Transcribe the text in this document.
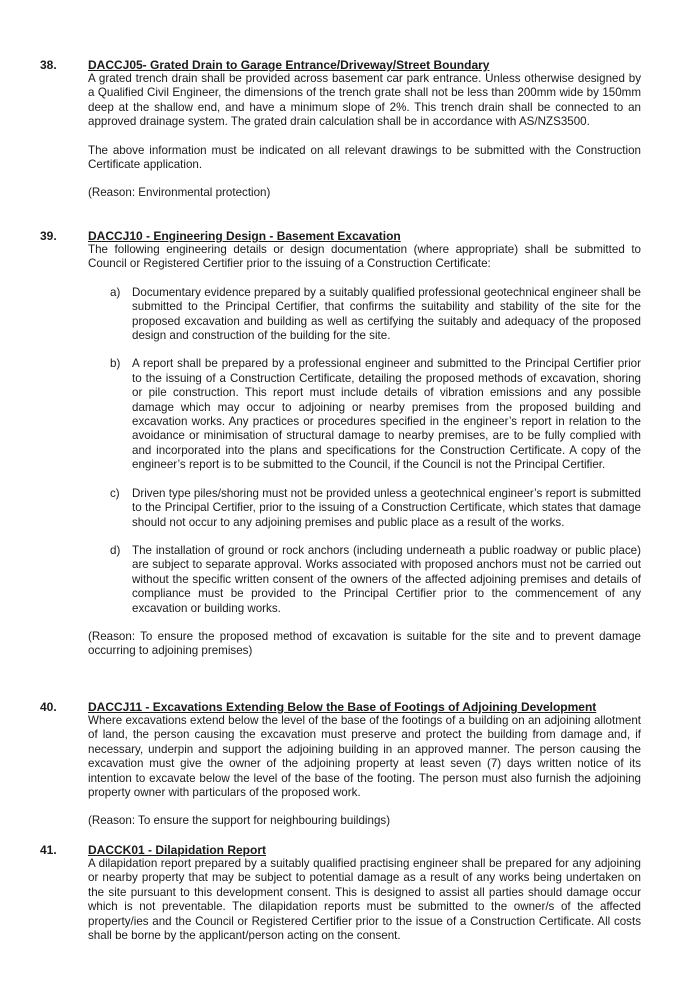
38.	DACCJ05- Grated Drain to Garage Entrance/Driveway/Street Boundary

A grated trench drain shall be provided across basement car park entrance. Unless otherwise designed by a Qualified Civil Engineer, the dimensions of the trench grate shall not be less than 200mm wide by 150mm deep at the shallow end, and have a minimum slope of 2%. This trench drain shall be connected to an approved drainage system. The grated drain calculation shall be in accordance with AS/NZS3500.

The above information must be indicated on all relevant drawings to be submitted with the Construction Certificate application.

(Reason: Environmental protection)

39.	DACCJ10 - Engineering Design - Basement Excavation

The following engineering details or design documentation (where appropriate) shall be submitted to Council or Registered Certifier prior to the issuing of a Construction Certificate:

a) Documentary evidence prepared by a suitably qualified professional geotechnical engineer shall be submitted to the Principal Certifier, that confirms the suitability and stability of the site for the proposed excavation and building as well as certifying the suitably and adequacy of the proposed design and construction of the building for the site.
b) A report shall be prepared by a professional engineer and submitted to the Principal Certifier prior to the issuing of a Construction Certificate, detailing the proposed methods of excavation, shoring or pile construction. This report must include details of vibration emissions and any possible damage which may occur to adjoining or nearby premises from the proposed building and excavation works. Any practices or procedures specified in the engineer’s report in relation to the avoidance or minimisation of structural damage to nearby premises, are to be fully complied with and incorporated into the plans and specifications for the Construction Certificate. A copy of the engineer’s report is to be submitted to the Council, if the Council is not the Principal Certifier.
c) Driven type piles/shoring must not be provided unless a geotechnical engineer’s report is submitted to the Principal Certifier, prior to the issuing of a Construction Certificate, which states that damage should not occur to any adjoining premises and public place as a result of the works.
d) The installation of ground or rock anchors (including underneath a public roadway or public place) are subject to separate approval. Works associated with proposed anchors must not be carried out without the specific written consent of the owners of the affected adjoining premises and details of compliance must be provided to the Principal Certifier prior to the commencement of any excavation or building works.

(Reason: To ensure the proposed method of excavation is suitable for the site and to prevent damage occurring to adjoining premises)

40.	DACCJ11 - Excavations Extending Below the Base of Footings of Adjoining Development

Where excavations extend below the level of the base of the footings of a building on an adjoining allotment of land, the person causing the excavation must preserve and protect the building from damage and, if necessary, underpin and support the adjoining building in an approved manner. The person causing the excavation must give the owner of the adjoining property at least seven (7) days written notice of its intention to excavate below the level of the base of the footing. The person must also furnish the adjoining property owner with particulars of the proposed work.

(Reason: To ensure the support for neighbouring buildings)

41.	DACCK01 - Dilapidation Report

A dilapidation report prepared by a suitably qualified practising engineer shall be prepared for any adjoining or nearby property that may be subject to potential damage as a result of any works being undertaken on the site pursuant to this development consent. This is designed to assist all parties should damage occur which is not preventable. The dilapidation reports must be submitted to the owner/s of the affected property/ies and the Council or Registered Certifier prior to the issue of a Construction Certificate. All costs shall be borne by the applicant/person acting on the consent.
